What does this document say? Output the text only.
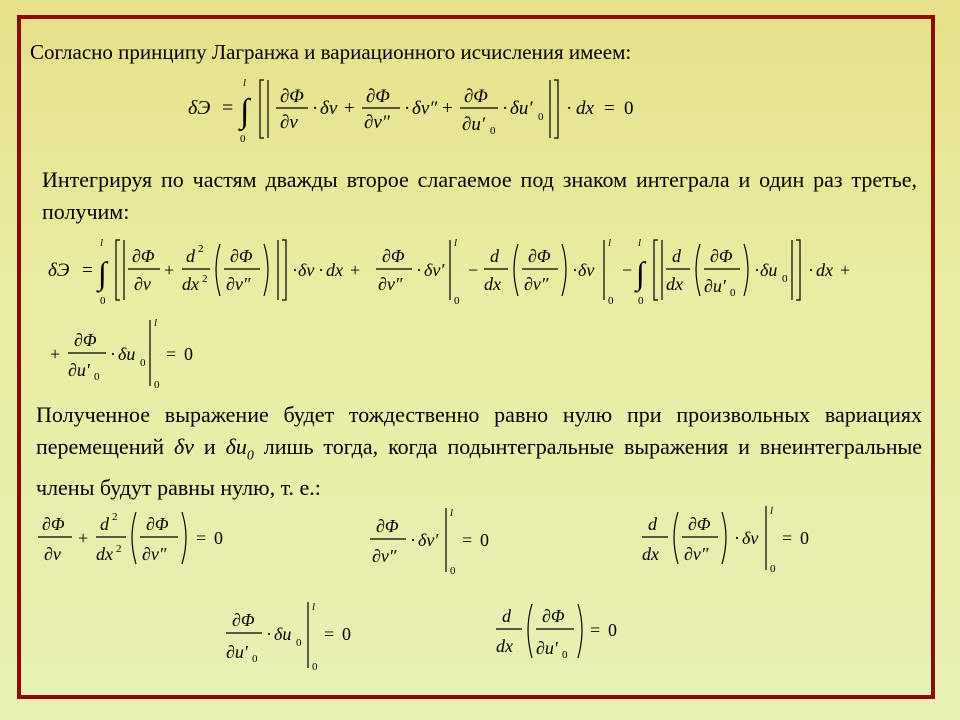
Согласно принципу Лагранжа и вариационного исчисления имеем:
δЭ = ∫
l
0
∂Φ
∂v
· δv +
∂Φ
∂v″
· δv″ +
∂Φ
∂u′ 0
· δu′ 0 · dx = 0
Интегрируя по частям дважды второе слагаемое под знаком интеграла и один раз третье, получим:
δЭ = ∫
l
0
∂Φ
∂v
+
d 2
dx 2
∂Φ
∂v″
· δv · dx +
∂Φ
∂v″
· δv′
l
0
−
d
dx
∂Φ
∂v″
· δv
l
0
− ∫
l
0
d
dx
∂Φ
∂u′ 0
· δu 0 · dx +
+
∂Φ
∂u′ 0
· δu 0
l
0
= 0
Полученное выражение будет тождественно равно нулю при произвольных вариациях перемещений δv и $\delta u_0$ лишь тогда, когда подынтегральные выражения и внеинтегральные члены будут равны нулю, т. е.:
∂Φ
∂v
+
d 2
dx 2
∂Φ
∂v″
= 0
∂Φ
∂v″
· δv′
l
0
= 0
d
dx
∂Φ
∂v″
· δv
l
0
= 0
∂Φ
∂u′ 0
· δu 0
l
0
= 0
d
dx
∂Φ
∂u′ 0
= 0
